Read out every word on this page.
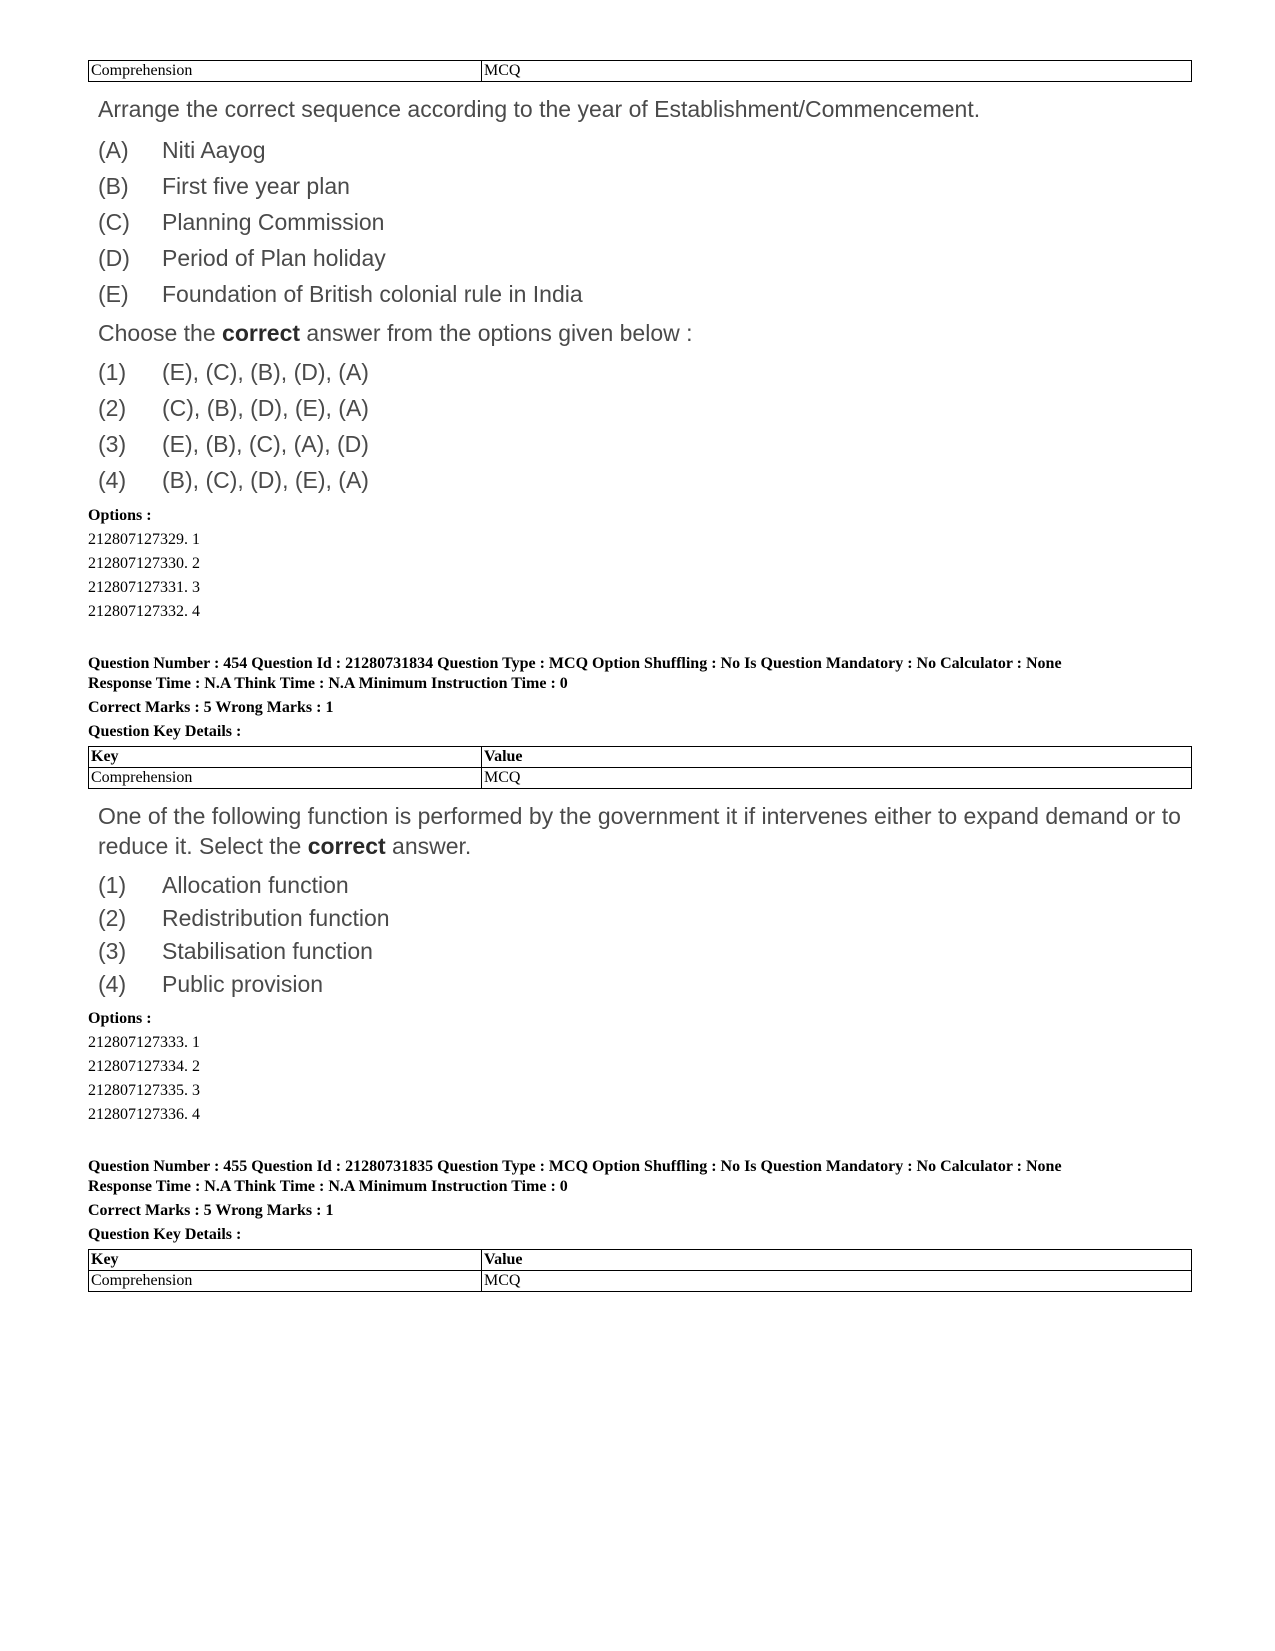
Comprehension	MCQ
Arrange the correct sequence according to the year of Establishment/Commencement.
(A)	Niti Aayog
(B)	First five year plan
(C)	Planning Commission
(D)	Period of Plan holiday
(E)	Foundation of British colonial rule in India
Choose the correct answer from the options given below :
(1)	(E), (C), (B), (D), (A)
(2)	(C), (B), (D), (E), (A)
(3)	(E), (B), (C), (A), (D)
(4)	(B), (C), (D), (E), (A)
Options :
212807127329. 1
212807127330. 2
212807127331. 3
212807127332. 4
Question Number : 454 Question Id : 21280731834 Question Type : MCQ Option Shuffling : No Is Question Mandatory : No Calculator : None
Response Time : N.A Think Time : N.A Minimum Instruction Time : 0
Correct Marks : 5 Wrong Marks : 1
Question Key Details :
Key	Value
Comprehension	MCQ
One of the following function is performed by the government it if intervenes either to expand demand or to reduce it. Select the correct answer.
(1)	Allocation function
(2)	Redistribution function
(3)	Stabilisation function
(4)	Public provision
Options :
212807127333. 1
212807127334. 2
212807127335. 3
212807127336. 4
Question Number : 455 Question Id : 21280731835 Question Type : MCQ Option Shuffling : No Is Question Mandatory : No Calculator : None
Response Time : N.A Think Time : N.A Minimum Instruction Time : 0
Correct Marks : 5 Wrong Marks : 1
Question Key Details :
Key	Value
Comprehension	MCQ
